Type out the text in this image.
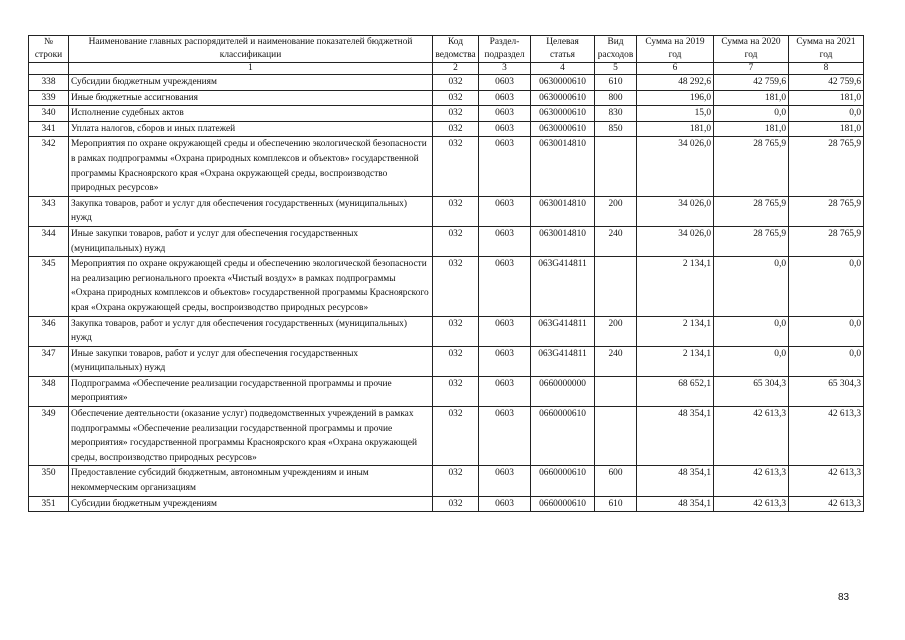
№ строки	Наименование главных распорядителей и наименование показателей бюджетной классификации	Код ведомства	Раздел-подраздел	Целевая статья	Вид расходов	Сумма на 2019 год	Сумма на 2020 год	Сумма на 2021 год
	1	2	3	4	5	6	7	8
338	Субсидии бюджетным учреждениям	032	0603	0630000610	610	48 292,6	42 759,6	42 759,6
339	Иные бюджетные ассигнования	032	0603	0630000610	800	196,0	181,0	181,0
340	Исполнение судебных актов	032	0603	0630000610	830	15,0	0,0	0,0
341	Уплата налогов, сборов и иных платежей	032	0603	0630000610	850	181,0	181,0	181,0
342	Мероприятия по охране окружающей среды и обеспечению экологической безопасности в рамках подпрограммы «Охрана природных комплексов и объектов» государственной программы Красноярского края «Охрана окружающей среды, воспроизводство природных ресурсов»	032	0603	0630014810		34 026,0	28 765,9	28 765,9
343	Закупка товаров, работ и услуг для обеспечения государственных (муниципальных) нужд	032	0603	0630014810	200	34 026,0	28 765,9	28 765,9
344	Иные закупки товаров, работ и услуг для обеспечения государственных (муниципальных) нужд	032	0603	0630014810	240	34 026,0	28 765,9	28 765,9
345	Мероприятия по охране окружающей среды и обеспечению экологической безопасности на реализацию регионального проекта «Чистый воздух» в рамках подпрограммы «Охрана природных комплексов и объектов» государственной программы Красноярского края «Охрана окружающей среды, воспроизводство природных ресурсов»	032	0603	063G414811		2 134,1	0,0	0,0
346	Закупка товаров, работ и услуг для обеспечения государственных (муниципальных) нужд	032	0603	063G414811	200	2 134,1	0,0	0,0
347	Иные закупки товаров, работ и услуг для обеспечения государственных (муниципальных) нужд	032	0603	063G414811	240	2 134,1	0,0	0,0
348	Подпрограмма «Обеспечение реализации государственной программы и прочие мероприятия»	032	0603	0660000000		68 652,1	65 304,3	65 304,3
349	Обеспечение деятельности (оказание услуг) подведомственных учреждений в рамках подпрограммы «Обеспечение реализации государственной программы и прочие мероприятия» государственной программы Красноярского края «Охрана окружающей среды, воспроизводство природных ресурсов»	032	0603	0660000610		48 354,1	42 613,3	42 613,3
350	Предоставление субсидий бюджетным, автономным учреждениям и иным некоммерческим организациям	032	0603	0660000610	600	48 354,1	42 613,3	42 613,3
351	Субсидии бюджетным учреждениям	032	0603	0660000610	610	48 354,1	42 613,3	42 613,3
83
